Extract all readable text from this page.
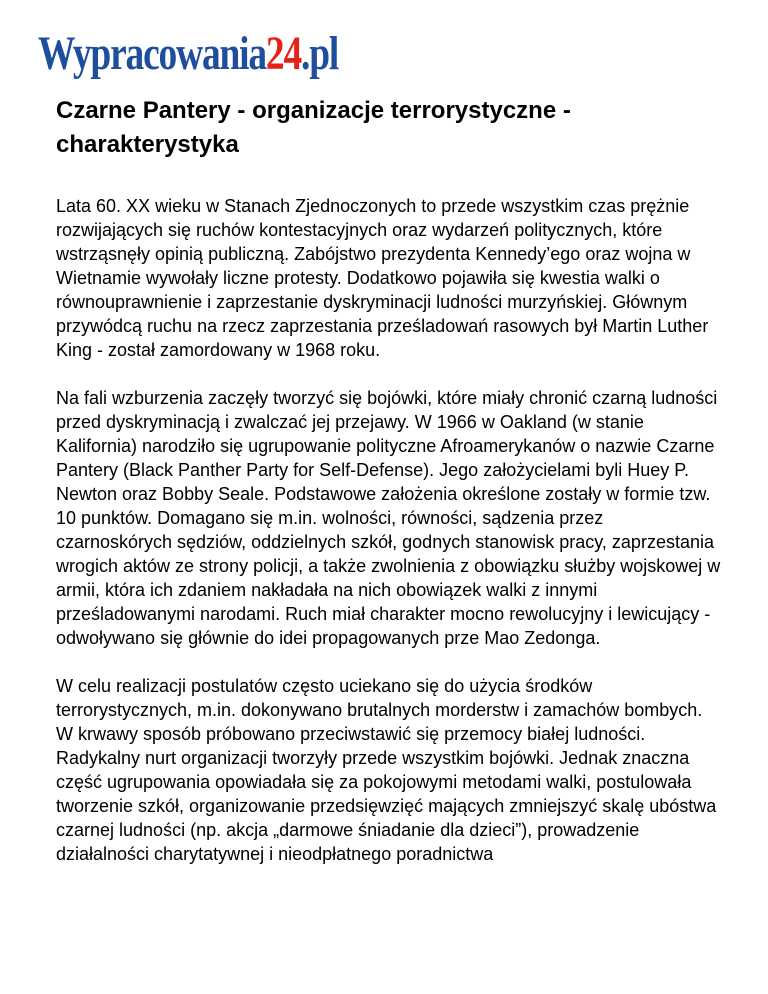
Wypracowania24.pl
Czarne Pantery - organizacje terrorystyczne -
charakterystyka

Lata 60. XX wieku w Stanach Zjednoczonych to przede wszystkim czas prężnie rozwijających się ruchów kontestacyjnych oraz wydarzeń politycznych, które wstrząsnęły opinią publiczną. Zabójstwo prezydenta Kennedy’ego oraz wojna w Wietnamie wywołały liczne protesty. Dodatkowo pojawiła się kwestia walki o równouprawnienie i zaprzestanie dyskryminacji ludności murzyńskiej. Głównym przywódcą ruchu na rzecz zaprzestania prześladowań rasowych był Martin Luther King - został zamordowany w 1968 roku.

Na fali wzburzenia zaczęły tworzyć się bojówki, które miały chronić czarną ludności przed dyskryminacją i zwalczać jej przejawy. W 1966 w Oakland (w stanie Kalifornia) narodziło się ugrupowanie polityczne Afroamerykanów o nazwie Czarne Pantery (Black Panther Party for Self-Defense). Jego założycielami byli Huey P. Newton oraz Bobby Seale. Podstawowe założenia określone zostały w formie tzw. 10 punktów. Domagano się m.in. wolności, równości, sądzenia przez czarnoskórych sędziów, oddzielnych szkół, godnych stanowisk pracy, zaprzestania wrogich aktów ze strony policji, a także zwolnienia z obowiązku służby wojskowej w armii, która ich zdaniem nakładała na nich obowiązek walki z innymi prześladowanymi narodami. Ruch miał charakter mocno rewolucyjny i lewicujący - odwoływano się głównie do idei propagowanych prze Mao Zedonga.

W celu realizacji postulatów często uciekano się do użycia środków terrorystycznych, m.in. dokonywano brutalnych morderstw i zamachów bombych. W krwawy sposób próbowano przeciwstawić się przemocy białej ludności. Radykalny nurt organizacji tworzyły przede wszystkim bojówki. Jednak znaczna część ugrupowania opowiadała się za pokojowymi metodami walki, postulowała tworzenie szkół, organizowanie przedsięwzięć mających zmniejszyć skalę ubóstwa czarnej ludności (np. akcja „darmowe śniadanie dla dzieci”), prowadzenie działalności charytatywnej i nieodpłatnego poradnictwa
